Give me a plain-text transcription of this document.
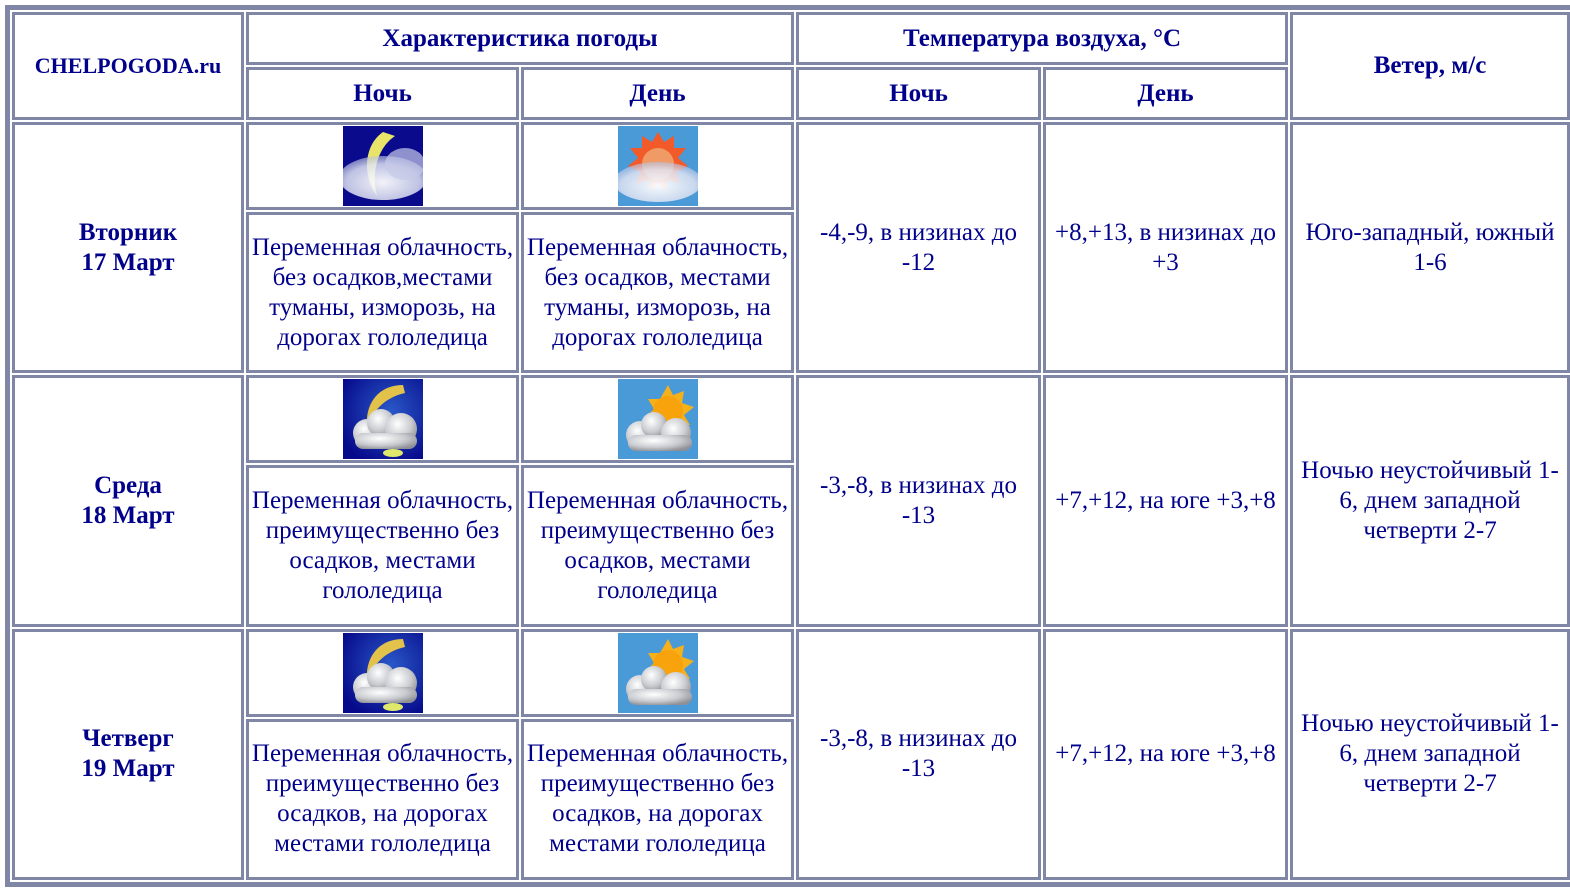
CHELPOGODA.ru	Характеристика погоды		Температура воздуха, °C		Ветер, м/с
	Ночь	День	Ночь	День	

Вторник
17 Март			-4,-9, в низинах до -12	+8,+13, в низинах до +3	Юго-западный, южный 1-6
	Переменная облачность, без осадков,местами туманы, изморозь, на дорогах гололедица	Переменная облачность, без осадков, местами туманы, изморозь, на дорогах гололедица			

Среда
18 Март			-3,-8, в низинах до -13	+7,+12, на юге +3,+8	Ночью неустойчивый 1-6, днем западной четверти 2-7
	Переменная облачность, преимущественно без осадков, местами гололедица	Переменная облачность, преимущественно без осадков, местами гололедица			

Четверг
19 Март			-3,-8, в низинах до -13	+7,+12, на юге +3,+8	Ночью неустойчивый 1-6, днем западной четверти 2-7
	Переменная облачность, преимущественно без осадков, на дорогах местами гололедица	Переменная облачность, преимущественно без осадков, на дорогах местами гололедица			
